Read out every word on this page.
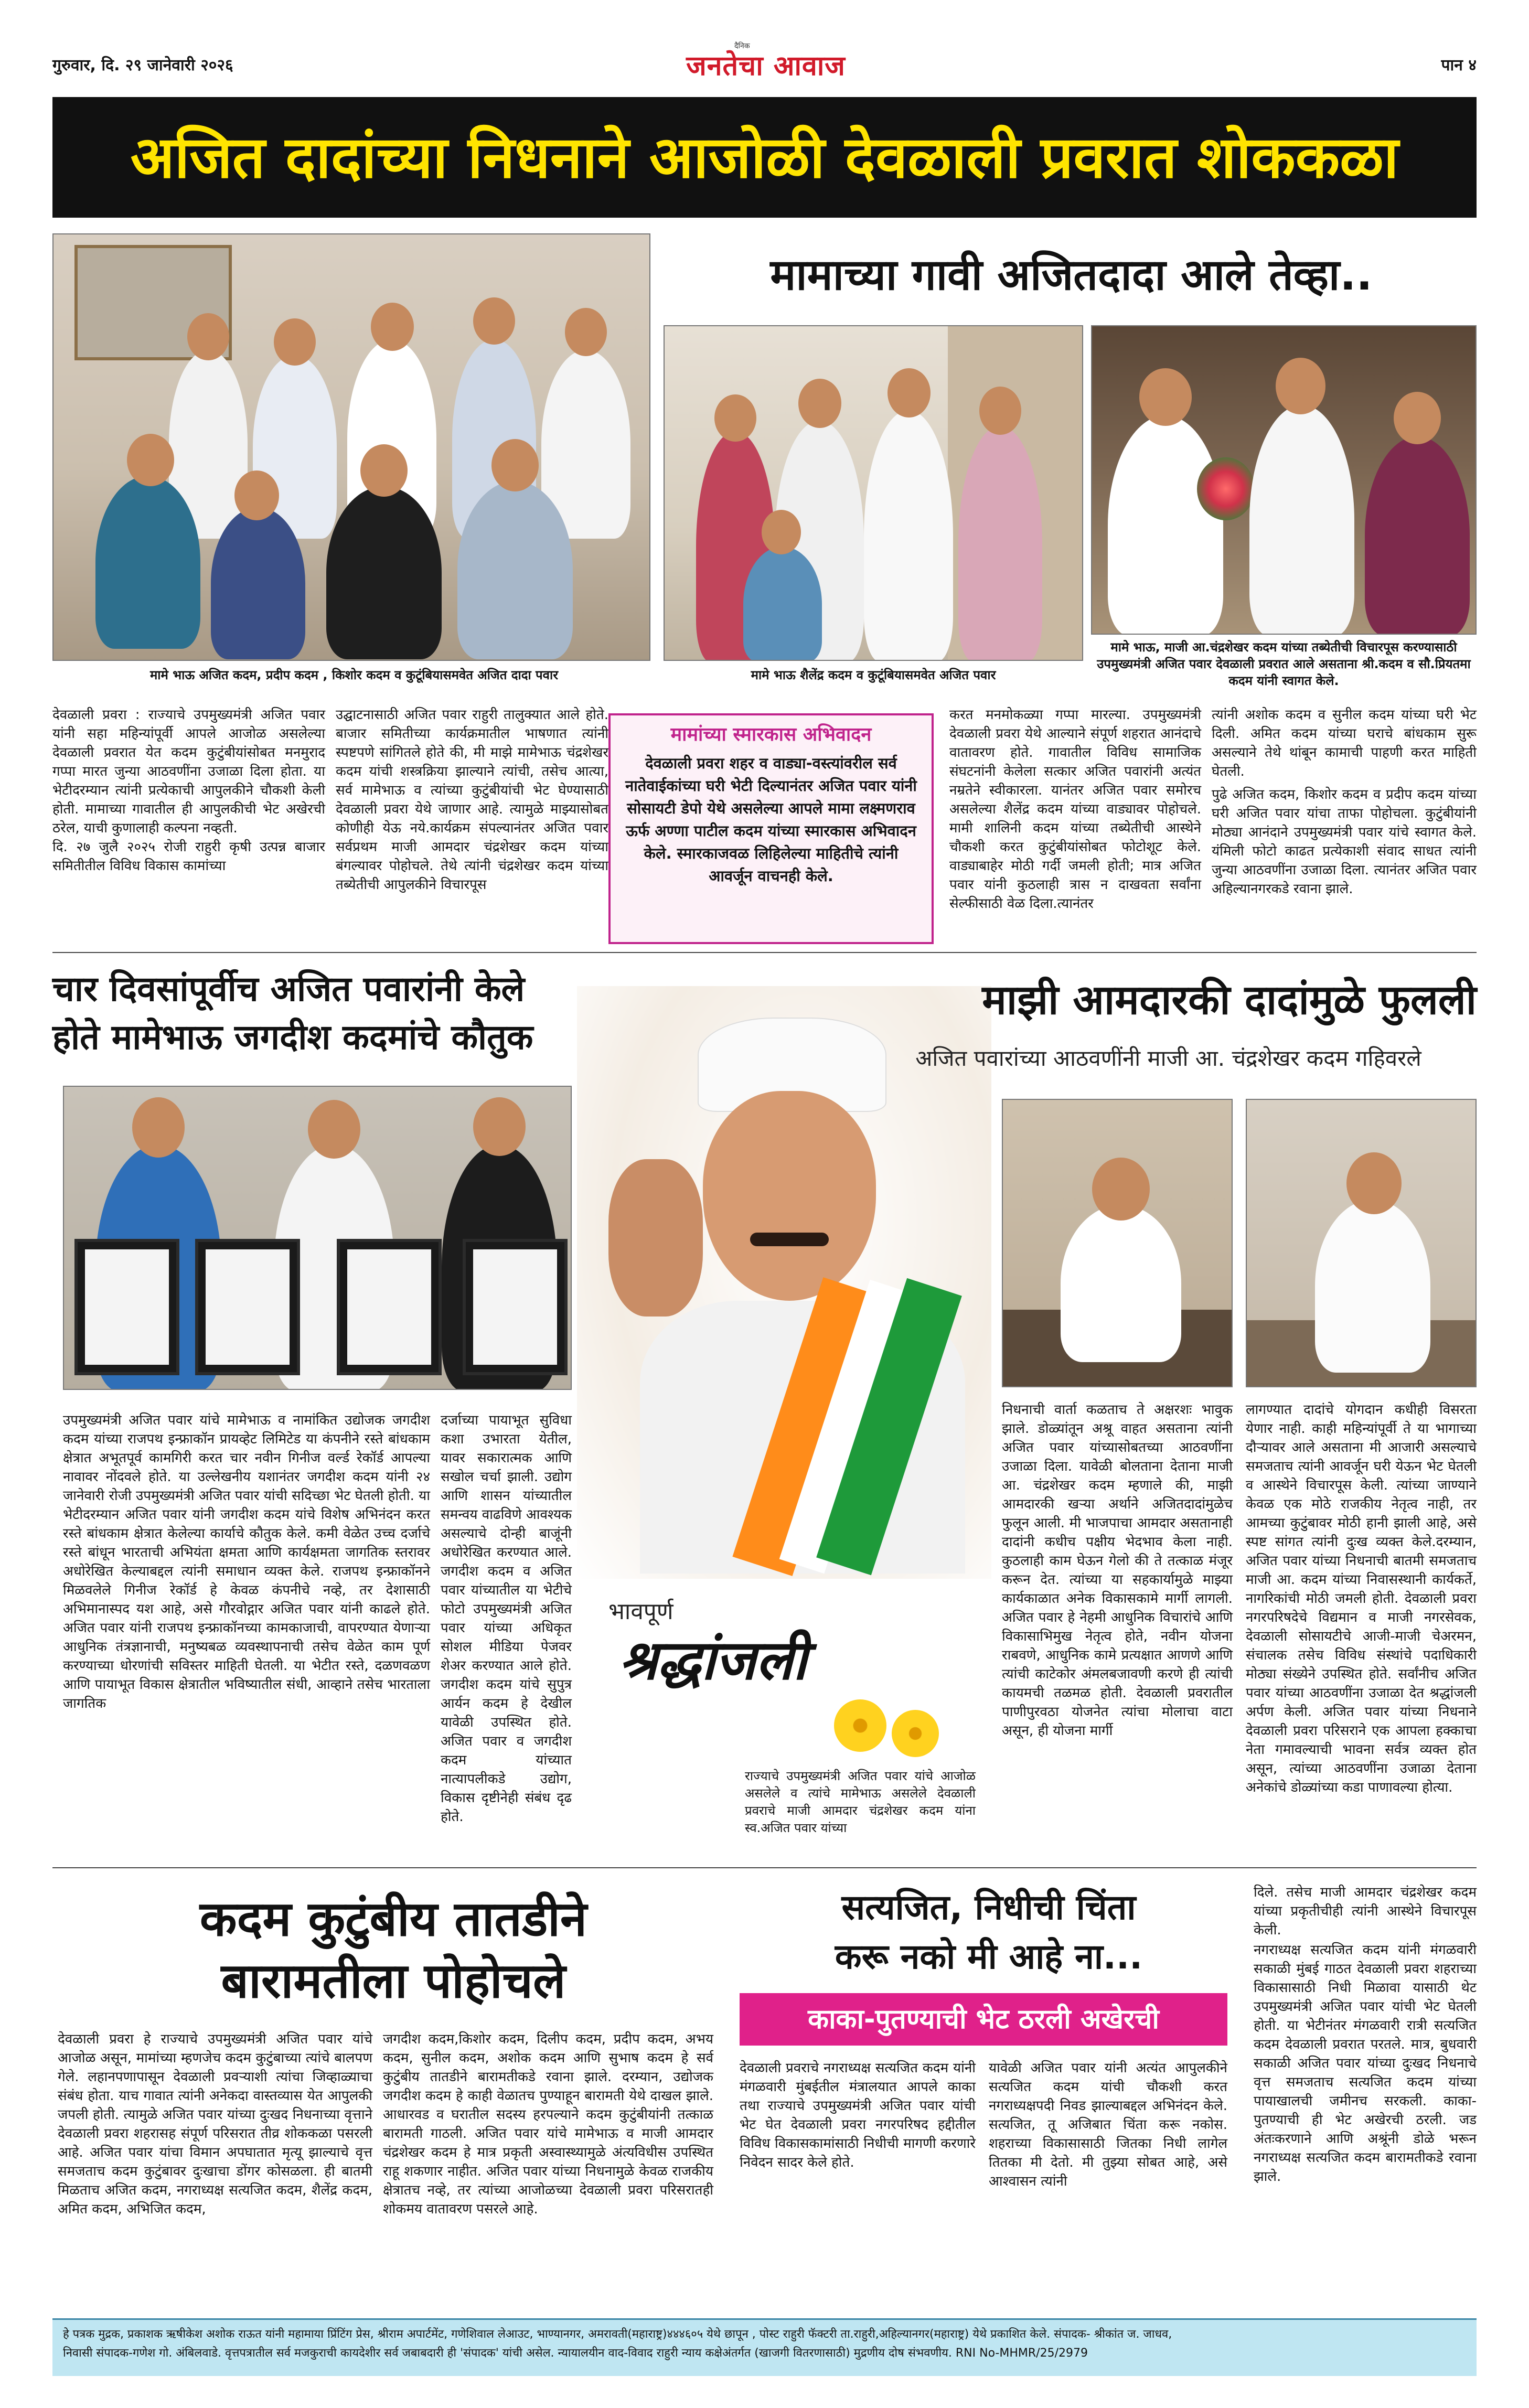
गुरुवार, दि. २९ जानेवारी २०२६	जनतेचा आवाज
दैनिक
पान ४
अजित दादांच्या निधनाने आजोळी देवळाली प्रवरात शोककळा
मामे भाऊ अजित कदम, प्रदीप कदम , किशोर कदम व कुटूंबियासमवेत अजित दादा पवार
मामाच्या गावी अजितदादा आले तेव्हा..
मामे भाऊ शैलेंद्र कदम व कुटूंबियासमवेत अजित पवार
मामे भाऊ, माजी आ.चंद्रशेखर कदम यांच्या तब्येतीची विचारपूस करण्यासाठी उपमुख्यमंत्री अजित पवार देवळाली प्रवरात आले असताना श्री.कदम व सौ.प्रियतमा कदम यांनी स्वागत केले.
देवळाली प्रवरा : राज्याचे उपमुख्यमंत्री अजित पवार यांनी सहा महिन्यांपूर्वी आपले आजोळ असलेल्या देवळाली प्रवरात येत कदम कुटुंबीयांसोबत मनमुराद गप्पा मारत जुन्या आठवणींना उजाळा दिला होता. या भेटीदरम्यान त्यांनी प्रत्येकाची आपुलकीने चौकशी केली होती. मामाच्या गावातील ही आपुलकीची भेट अखेरची ठरेल, याची कुणालाही कल्पना नव्हती.
दि. २७ जुलै २०२५ रोजी राहुरी कृषी उत्पन्न बाजार समितीतील विविध विकास कामांच्या
उद्घाटनासाठी अजित पवार राहुरी तालुक्यात आले होते. बाजार समितीच्या कार्यक्रमातील भाषणात त्यांनी स्पष्टपणे सांगितले होते की, मी माझे मामेभाऊ चंद्रशेखर कदम यांची शस्त्रक्रिया झाल्याने त्यांची, तसेच आत्या, सर्व मामेभाऊ व त्यांच्या कुटुंबीयांची भेट घेण्यासाठी देवळाली प्रवरा येथे जाणार आहे. त्यामुळे माझ्यासोबत कोणीही येऊ नये.कार्यक्रम संपल्यानंतर अजित पवार सर्वप्रथम माजी आमदार चंद्रशेखर कदम यांच्या बंगल्यावर पोहोचले. तेथे त्यांनी चंद्रशेखर कदम यांच्या तब्येतीची आपुलकीने विचारपूस
मामांच्या स्मारकास अभिवादन
देवळाली प्रवरा शहर व वाड्या-वस्त्यांवरील सर्व नातेवाईकांच्या घरी भेटी दिल्यानंतर अजित पवार यांनी सोसायटी डेपो येथे असलेल्या आपले मामा लक्ष्मणराव ऊर्फ अण्णा पाटील कदम यांच्या स्मारकास अभिवादन केले. स्मारकाजवळ लिहिलेल्या माहितीचे त्यांनी आवर्जून वाचनही केले.
करत मनमोकळ्या गप्पा मारल्या. उपमुख्यमंत्री देवळाली प्रवरा येथे आल्याने संपूर्ण शहरात आनंदाचे वातावरण होते. गावातील विविध सामाजिक संघटनांनी केलेला सत्कार अजित पवारांनी अत्यंत नम्रतेने स्वीकारला. यानंतर अजित पवार समोरच असलेल्या शैलेंद्र कदम यांच्या वाड्यावर पोहोचले. मामी शालिनी कदम यांच्या तब्येतीची आस्थेने चौकशी करत कुटुंबीयांसोबत फोटोशूट केले. वाड्याबाहेर मोठी गर्दी जमली होती; मात्र अजित पवार यांनी कुठलाही त्रास न दाखवता सर्वांना सेल्फीसाठी वेळ दिला.त्यानंतर
त्यांनी अशोक कदम व सुनील कदम यांच्या घरी भेट दिली. अमित कदम यांच्या घराचे बांधकाम सुरू असल्याने तेथे थांबून कामाची पाहणी करत माहिती घेतली.
पुढे अजित कदम, किशोर कदम व प्रदीप कदम यांच्या घरी अजित पवार यांचा ताफा पोहोचला. कुटुंबीयांनी मोठ्या आनंदाने उपमुख्यमंत्री पवार यांचे स्वागत केले. यंमिली फोटो काढत प्रत्येकाशी संवाद साधत त्यांनी जुन्या आठवणींना उजाळा दिला. त्यानंतर अजित पवार अहिल्यानगरकडे रवाना झाले.
चार दिवसांपूर्वीच अजित पवारांनी केले
होते मामेभाऊ जगदीश कदमांचे कौतुक
उपमुख्यमंत्री अजित पवार यांचे मामेभाऊ व नामांकित उद्योजक जगदीश कदम यांच्या राजपथ इन्फ्राकॉन प्रायव्हेट लिमिटेड या कंपनीने रस्ते बांधकाम क्षेत्रात अभूतपूर्व कामगिरी करत चार नवीन गिनीज वर्ल्ड रेकॉर्ड आपल्या नावावर नोंदवले होते. या उल्लेखनीय यशानंतर जगदीश कदम यांनी २४ जानेवारी रोजी उपमुख्यमंत्री अजित पवार यांची सदिच्छा भेट घेतली होती. या भेटीदरम्यान अजित पवार यांनी जगदीश कदम यांचे विशेष अभिनंदन करत रस्ते बांधकाम क्षेत्रात केलेल्या कार्याचे कौतुक केले. कमी वेळेत उच्च दर्जाचे रस्ते बांधून भारताची अभियंता क्षमता आणि कार्यक्षमता जागतिक स्तरावर अधोरेखित केल्याबद्दल त्यांनी समाधान व्यक्त केले. राजपथ इन्फ्राकॉनने मिळवलेले गिनीज रेकॉर्ड हे केवळ कंपनीचे नव्हे, तर देशासाठी अभिमानास्पद यश आहे, असे गौरवोद्गार अजित पवार यांनी काढले होते. अजित पवार यांनी राजपथ इन्फ्राकॉनच्या कामकाजाची, वापरण्यात येणाऱ्या आधुनिक तंत्रज्ञानाची, मनुष्यबळ व्यवस्थापनाची तसेच वेळेत काम पूर्ण करण्याच्या धोरणांची सविस्तर माहिती घेतली. या भेटीत रस्ते, दळणवळण आणि पायाभूत विकास क्षेत्रातील भविष्यातील संधी, आव्हाने तसेच भारताला जागतिक
दर्जाच्या पायाभूत सुविधा कशा उभारता येतील, यावर सकारात्मक आणि सखोल चर्चा झाली. उद्योग आणि शासन यांच्यातील समन्वय वाढविणे आवश्यक असल्याचे दोन्ही बाजूंनी अधोरेखित करण्यात आले. जगदीश कदम व अजित पवार यांच्यातील या भेटीचे फोटो उपमुख्यमंत्री अजित पवार यांच्या अधिकृत सोशल मीडिया पेजवर शेअर करण्यात आले होते. जगदीश कदम यांचे सुपुत्र आर्यन कदम हे देखील यावेळी उपस्थित होते. अजित पवार व जगदीश कदम यांच्यात नात्यापलीकडे उद्योग, विकास दृष्टीनेही संबंध दृढ होते.
भावपूर्ण
श्रद्धांजली
राज्याचे उपमुख्यमंत्री अजित पवार यांचे आजोळ असलेले व त्यांचे मामेभाऊ असलेले देवळाली प्रवराचे माजी आमदार चंद्रशेखर कदम यांना स्व.अजित पवार यांच्या
माझी आमदारकी दादांमुळे फुलली
अजित पवारांच्या आठवणींनी माजी आ. चंद्रशेखर कदम गहिवरले
निधनाची वार्ता कळताच ते अक्षरशः भावुक झाले. डोळ्यांतून अश्रू वाहत असताना त्यांनी अजित पवार यांच्यासोबतच्या आठवणींना उजाळा दिला. यावेळी बोलताना देताना माजी आ. चंद्रशेखर कदम म्हणाले की, माझी आमदारकी खऱ्या अर्थाने अजितदादांमुळेच फुलून आली. मी भाजपाचा आमदार असतानाही दादांनी कधीच पक्षीय भेदभाव केला नाही. कुठलाही काम घेऊन गेलो की ते तत्काळ मंजूर करून देत. त्यांच्या या सहकार्यामुळे माझ्या कार्यकाळात अनेक विकासकामे मार्गी लागली. अजित पवार हे नेहमी आधुनिक विचारांचे आणि विकासाभिमुख नेतृत्व होते, नवीन योजना राबवणे, आधुनिक कामे प्रत्यक्षात आणणे आणि त्यांची काटेकोर अंमलबजावणी करणे ही त्यांची कायमची तळमळ होती. देवळाली प्रवरातील पाणीपुरवठा योजनेत त्यांचा मोलाचा वाटा असून, ही योजना मार्गी
लागण्यात दादांचे योगदान कधीही विसरता येणार नाही. काही महिन्यांपूर्वी ते या भागाच्या दौऱ्यावर आले असताना मी आजारी असल्याचे समजताच त्यांनी आवर्जून घरी येऊन भेट घेतली व आस्थेने विचारपूस केली. त्यांच्या जाण्याने केवळ एक मोठे राजकीय नेतृत्व नाही, तर आमच्या कुटुंबावर मोठी हानी झाली आहे, असे स्पष्ट सांगत त्यांनी दुःख व्यक्त केले.दरम्यान, अजित पवार यांच्या निधनाची बातमी समजताच माजी आ. कदम यांच्या निवासस्थानी कार्यकर्ते, नागरिकांची मोठी जमली होती. देवळाली प्रवरा नगरपरिषदेचे विद्यमान व माजी नगरसेवक, देवळाली सोसायटीचे आजी-माजी चेअरमन, संचालक तसेच विविध संस्थांचे पदाधिकारी मोठ्या संख्येने उपस्थित होते. सर्वांनीच अजित पवार यांच्या आठवणींना उजाळा देत श्रद्धांजली अर्पण केली. अजित पवार यांच्या निधनाने देवळाली प्रवरा परिसराने एक आपला हक्काचा नेता गमावल्याची भावना सर्वत्र व्यक्त होत असून, त्यांच्या आठवणींना उजाळा देताना अनेकांचे डोळ्यांच्या कडा पाणावल्या होत्या.
कदम कुटुंबीय तातडीने
बारामतीला पोहोचले
देवळाली प्रवरा हे राज्याचे उपमुख्यमंत्री अजित पवार यांचे आजोळ असून, मामांच्या म्हणजेच कदम कुटुंबाच्या त्यांचे बालपण गेले. लहानपणापासून देवळाली प्रवऱ्याशी त्यांचा जिव्हाळ्याचा संबंध होता. याच गावात त्यांनी अनेकदा वास्तव्यास येत आपुलकी जपली होती. त्यामुळे अजित पवार यांच्या दुःखद निधनाच्या वृत्ताने देवळाली प्रवरा शहरासह संपूर्ण परिसरात तीव्र शोककळा पसरली आहे. अजित पवार यांचा विमान अपघातात मृत्यू झाल्याचे वृत्त समजताच कदम कुटुंबावर दुःखाचा डोंगर कोसळला. ही बातमी मिळताच अजित कदम, नगराध्यक्ष सत्यजित कदम, शैलेंद्र कदम, अमित कदम, अभिजित कदम,
जगदीश कदम,किशोर कदम, दिलीप कदम, प्रदीप कदम, अभय कदम, सुनील कदम, अशोक कदम आणि सुभाष कदम हे सर्व कुटुंबीय तातडीने बारामतीकडे रवाना झाले. दरम्यान, उद्योजक जगदीश कदम हे काही वेळातच पुण्याहून बारामती येथे दाखल झाले. आधारवड व घरातील सदस्य हरपल्याने कदम कुटुंबीयांनी तत्काळ बारामती गाठली. अजित पवार यांचे मामेभाऊ व माजी आमदार चंद्रशेखर कदम हे मात्र प्रकृती अस्वास्थ्यामुळे अंत्यविधीस उपस्थित राहू शकणार नाहीत. अजित पवार यांच्या निधनामुळे केवळ राजकीय क्षेत्रातच नव्हे, तर त्यांच्या आजोळच्या देवळाली प्रवरा परिसरातही शोकमय वातावरण पसरले आहे.
सत्यजित, निधीची चिंता
करू नको मी आहे ना...
दिले. तसेच माजी आमदार चंद्रशेखर कदम यांच्या प्रकृतीचीही त्यांनी आस्थेने विचारपूस केली.
काका-पुतण्याची भेट ठरली अखेरची
देवळाली प्रवराचे नगराध्यक्ष सत्यजित कदम यांनी मंगळवारी मुंबईतील मंत्रालयात आपले काका तथा राज्याचे उपमुख्यमंत्री अजित पवार यांची भेट घेत देवळाली प्रवरा नगरपरिषद हद्दीतील विविध विकासकामांसाठी निधीची मागणी करणारे निवेदन सादर केले होते.
यावेळी अजित पवार यांनी अत्यंत आपुलकीने सत्यजित कदम यांची चौकशी करत नगराध्यक्षपदी निवड झाल्याबद्दल अभिनंदन केले. सत्यजित, तू अजिबात चिंता करू नकोस. शहराच्या विकासासाठी जितका निधी लागेल तितका मी देतो. मी तुझ्या सोबत आहे, असे आश्वासन त्यांनी
नगराध्यक्ष सत्यजित कदम यांनी मंगळवारी सकाळी मुंबई गाठत देवळाली प्रवरा शहराच्या विकासासाठी निधी मिळावा यासाठी थेट उपमुख्यमंत्री अजित पवार यांची भेट घेतली होती. या भेटीनंतर मंगळवारी रात्री सत्यजित कदम देवळाली प्रवरात परतले. मात्र, बुधवारी सकाळी अजित पवार यांच्या दुःखद निधनाचे वृत्त समजताच सत्यजित कदम यांच्या पायाखालची जमीनच सरकली. काका-पुतण्याची ही भेट अखेरची ठरली. जड अंतःकरणाने आणि अश्रूंनी डोळे भरून नगराध्यक्ष सत्यजित कदम बारामतीकडे रवाना झाले.
हे पत्रक मुद्रक, प्रकाशक ऋषीकेश अशोक राऊत यांनी महामाया प्रिंटिंग प्रेस, श्रीराम अपार्टमेंट, गणेशिवाल लेआउट, भाण्यानगर, अमरावती(महाराष्ट्र)४४४६०५ येथे छापून , पोस्ट राहुरी फॅक्टरी ता.राहुरी,अहिल्यानगर(महाराष्ट्र) येथे प्रकाशित केले. संपादक- श्रीकांत ज. जाधव,
निवासी संपादक-गणेश गो. अंबिलवाडे. वृत्तपत्रातील सर्व मजकुराची कायदेशीर सर्व जबाबदारी ही 'संपादक' यांची असेल. न्यायालयीन वाद-विवाद राहुरी न्याय कक्षेअंतर्गत (खाजगी वितरणासाठी) मुद्रणीय दोष संभवणीय. RNI No-MHMR/25/2979
